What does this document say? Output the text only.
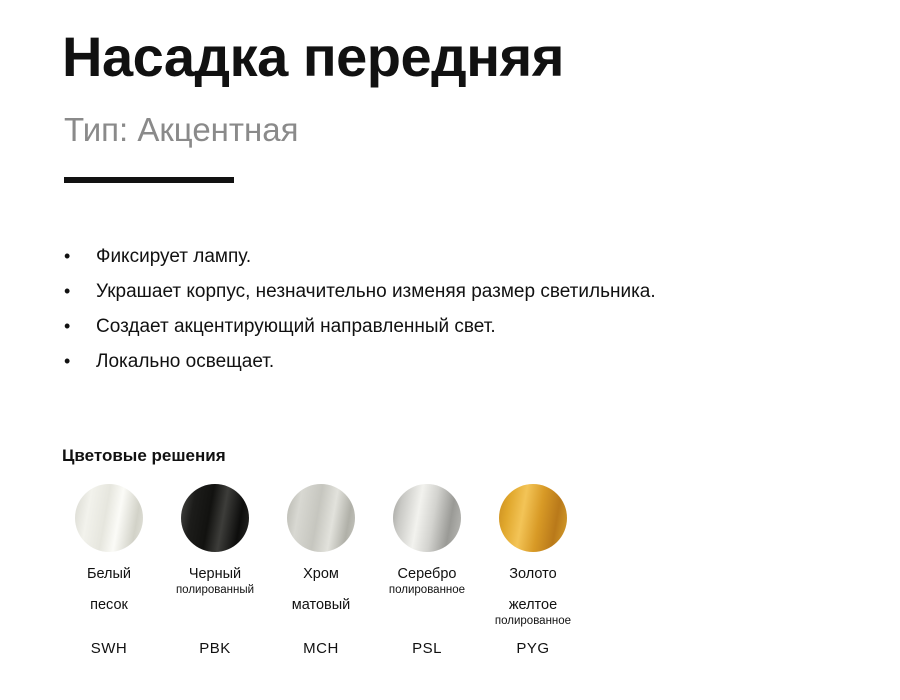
Насадка передняя
Тип: Акцентная
•	Фиксирует лампу.
•	Украшает корпус, незначительно изменяя размер светильника.
•	Создает акцентирующий направленный свет.
•	Локально освещает.
Цветовые решения
Белый
песок
SWH
Черный
полированный
PBK
Хром
матовый
MCH
Серебро
полированное
PSL
Золото
желтое
полированное
PYG
